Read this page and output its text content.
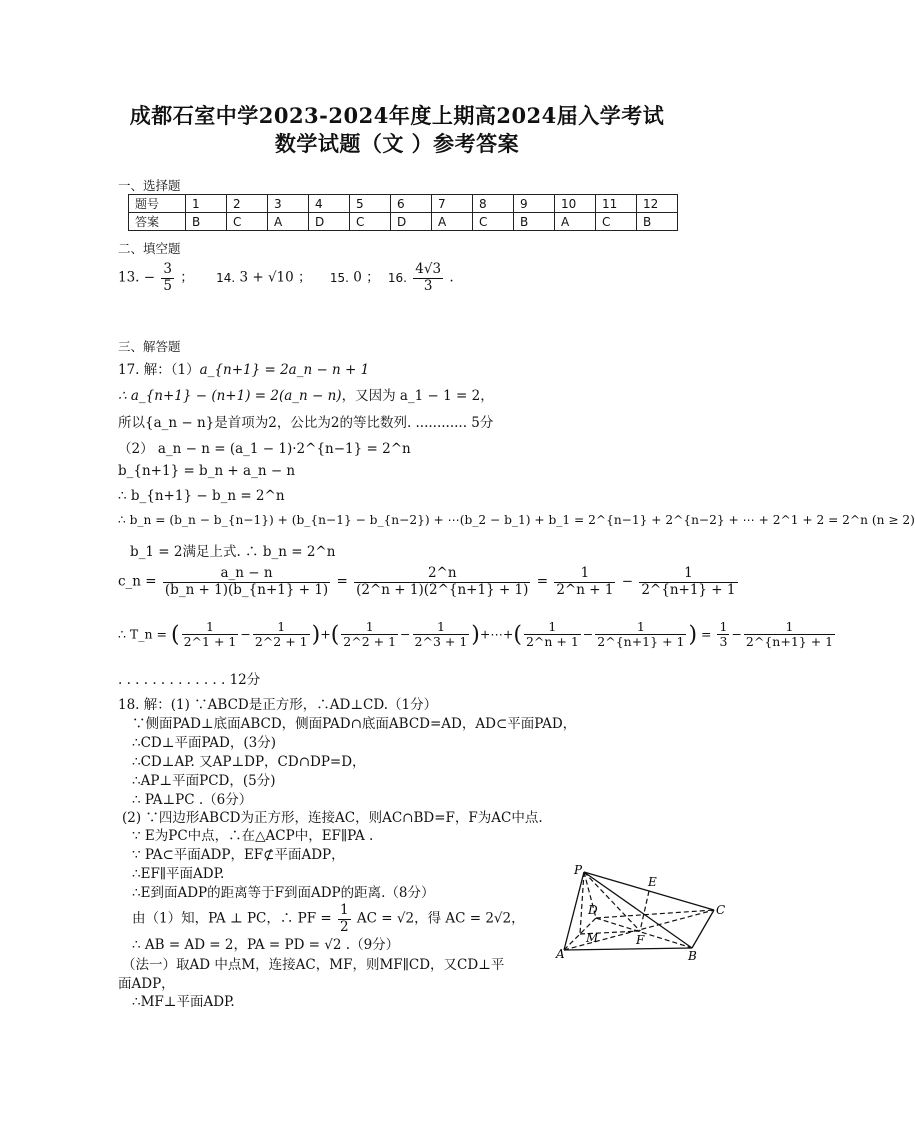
成都石室中学2023-2024年度上期高2024届入学考试
数学试题（文 ）参考答案
一、选择题
题号	1	2	3	4	5	6	7	8	9	10	11	12
答案	B	C	A	D	C	D	A	C	B	A	C	B
二、填空题
13. − $\frac{3}{5}$ ； 14. 3 + √10 ； 15. 0 ； 16. $\frac{4√3}{3}$ .
三、解答题
17. 解：（1）a_{n+1} = 2a_n − n + 1
∴ a_{n+1} − (n+1) = 2(a_n − n)，又因为 a_1 − 1 = 2，
所以{a_n − n}是首项为2，公比为2的等比数列. ............ 5分
（2） a_n − n = (a_1 − 1)·2^{n−1} = 2^n
b_{n+1} = b_n + a_n − n
∴ b_{n+1} − b_n = 2^n
∴ b_n = (b_n − b_{n−1}) + (b_{n−1} − b_{n−2}) + ⋯(b_2 − b_1) + b_1 = 2^{n−1} + 2^{n−2} + ⋯ + 2^1 + 2 = 2^n (n ≥ 2)
b_1 = 2满足上式. ∴ b_n = 2^n
c_n = $\frac{a\_n - n}{(b\_n + 1)(b\_\{n+1\} + 1)} = \frac{2\^{}n}{(2\^{}n + 1)(2\^{}\{n+1\} + 1)} = \frac{1}{2\^{}n + 1} - \frac{1}{2\^{}\{n+1\} + 1}$
∴ T_n = ( $\frac{1}{2\^{}1 + 1} - \frac{1}{2\^{}2 + 1}$ )+( $\frac{1}{2\^{}2 + 1} - \frac{1}{2\^{}3 + 1}$ )+⋯+( $\frac{1}{2\^{}n + 1} - \frac{1}{2\^{}\{n+1\} + 1}$ ) = $\frac{1}{3} - \frac{1}{2\^{}\{n+1\} + 1}$
. . . . . . . . . . . . . 12分
18. 解：(1) ∵ABCD是正方形，∴AD⊥CD.（1分）
∵侧面PAD⊥底面ABCD，侧面PAD∩底面ABCD=AD，AD⊂平面PAD，
∴CD⊥平面PAD，(3分)
∴CD⊥AP. 又AP⊥DP，CD∩DP=D，
∴AP⊥平面PCD，(5分)
∴ PA⊥PC .（6分）
(2) ∵四边形ABCD为正方形，连接AC，则AC∩BD=F，F为AC中点.
∵ E为PC中点，∴在△ACP中，EF∥PA .
∵ PA⊂平面ADP，EF⊄平面ADP，
∴EF∥平面ADP.
∴E到面ADP的距离等于F到面ADP的距离.（8分）
由（1）知，PA ⊥ PC，∴ PF = $\frac{1}{2}$ AC = √2，得 AC = 2√2，
∴ AB = AD = 2，PA = PD = √2 .（9分）
（法一）取AD 中点M，连接AC，MF，则MF∥CD，又CD⊥平
面ADP，
∴MF⊥平面ADP.
P
E
D	C
M	F
A	B
